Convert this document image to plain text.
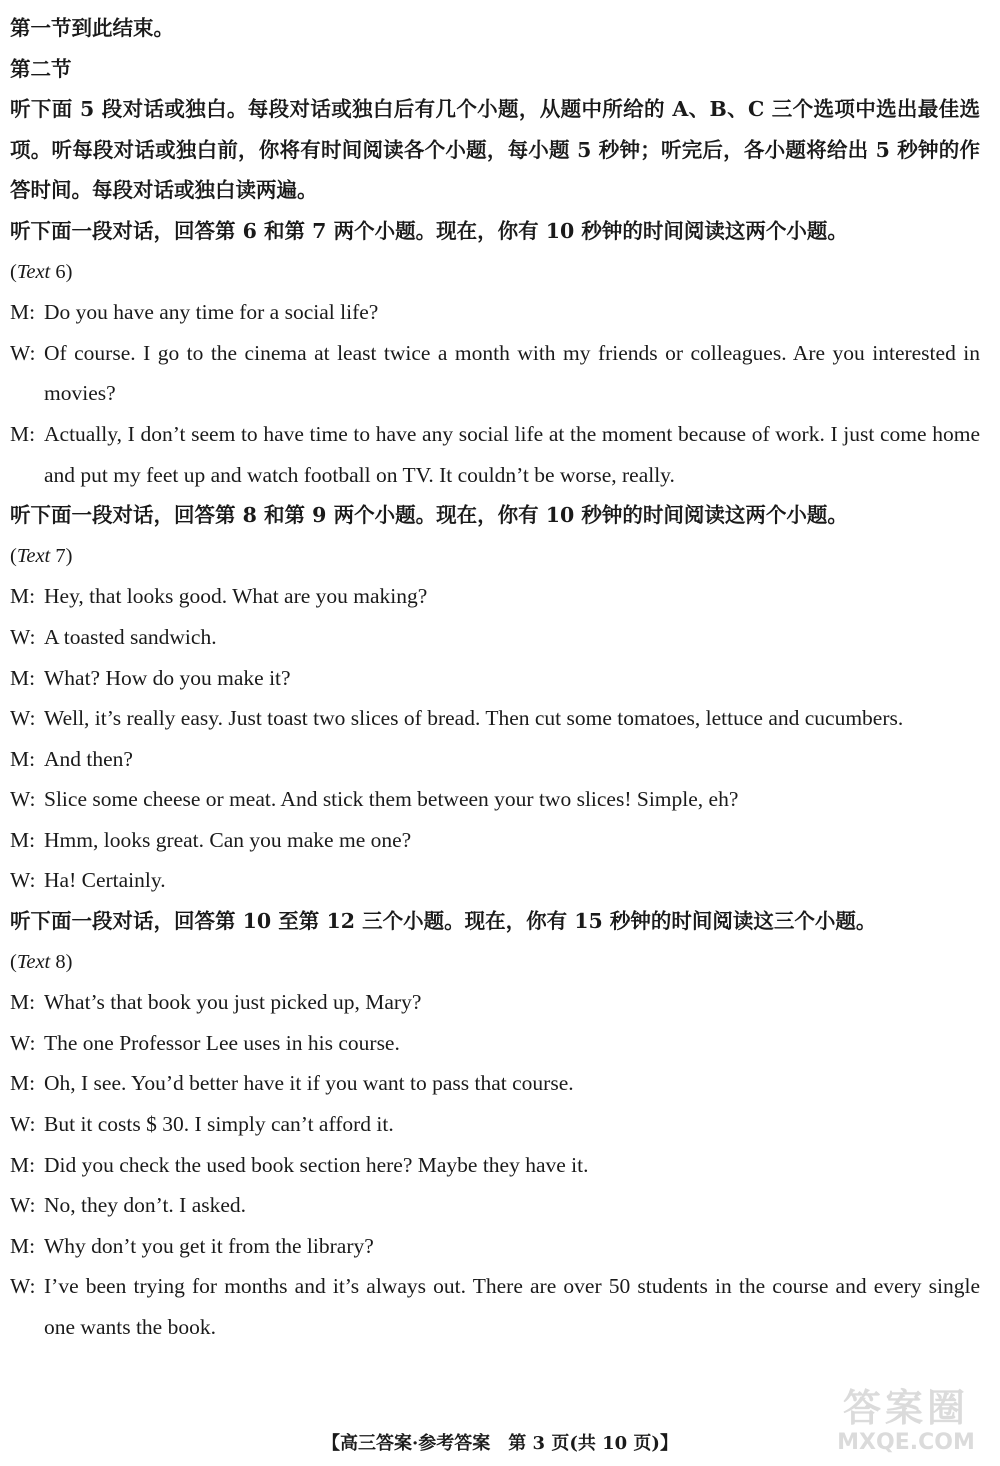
第一节到此结束。

第二节

听下面 5 段对话或独白。每段对话或独白后有几个小题，从题中所给的 A、B、C 三个选项中选出最佳选项。听每段对话或独白前，你将有时间阅读各个小题，每小题 5 秒钟；听完后，各小题将给出 5 秒钟的作答时间。每段对话或独白读两遍。

听下面一段对话，回答第 6 和第 7 两个小题。现在，你有 10 秒钟的时间阅读这两个小题。

(Text 6)

M: Do you have any time for a social life?
W: Of course. I go to the cinema at least twice a month with my friends or colleagues. Are you interested in movies?
M: Actually, I don’t seem to have time to have any social life at the moment because of work. I just come home and put my feet up and watch football on TV. It couldn’t be worse, really.

听下面一段对话，回答第 8 和第 9 两个小题。现在，你有 10 秒钟的时间阅读这两个小题。

(Text 7)

M: Hey, that looks good. What are you making?
W: A toasted sandwich.
M: What? How do you make it?
W: Well, it’s really easy. Just toast two slices of bread. Then cut some tomatoes, lettuce and cucumbers.
M: And then?
W: Slice some cheese or meat. And stick them between your two slices! Simple, eh?
M: Hmm, looks great. Can you make me one?
W: Ha! Certainly.

听下面一段对话，回答第 10 至第 12 三个小题。现在，你有 15 秒钟的时间阅读这三个小题。

(Text 8)

M: What’s that book you just picked up, Mary?
W: The one Professor Lee uses in his course.
M: Oh, I see. You’d better have it if you want to pass that course.
W: But it costs $ 30. I simply can’t afford it.
M: Did you check the used book section here? Maybe they have it.
W: No, they don’t. I asked.
M: Why don’t you get it from the library?
W: I’ve been trying for months and it’s always out. There are over 50 students in the course and every single one wants the book.
答案圈
MXQE.COM
【高三答案·参考答案　第 3 页(共 10 页)】
